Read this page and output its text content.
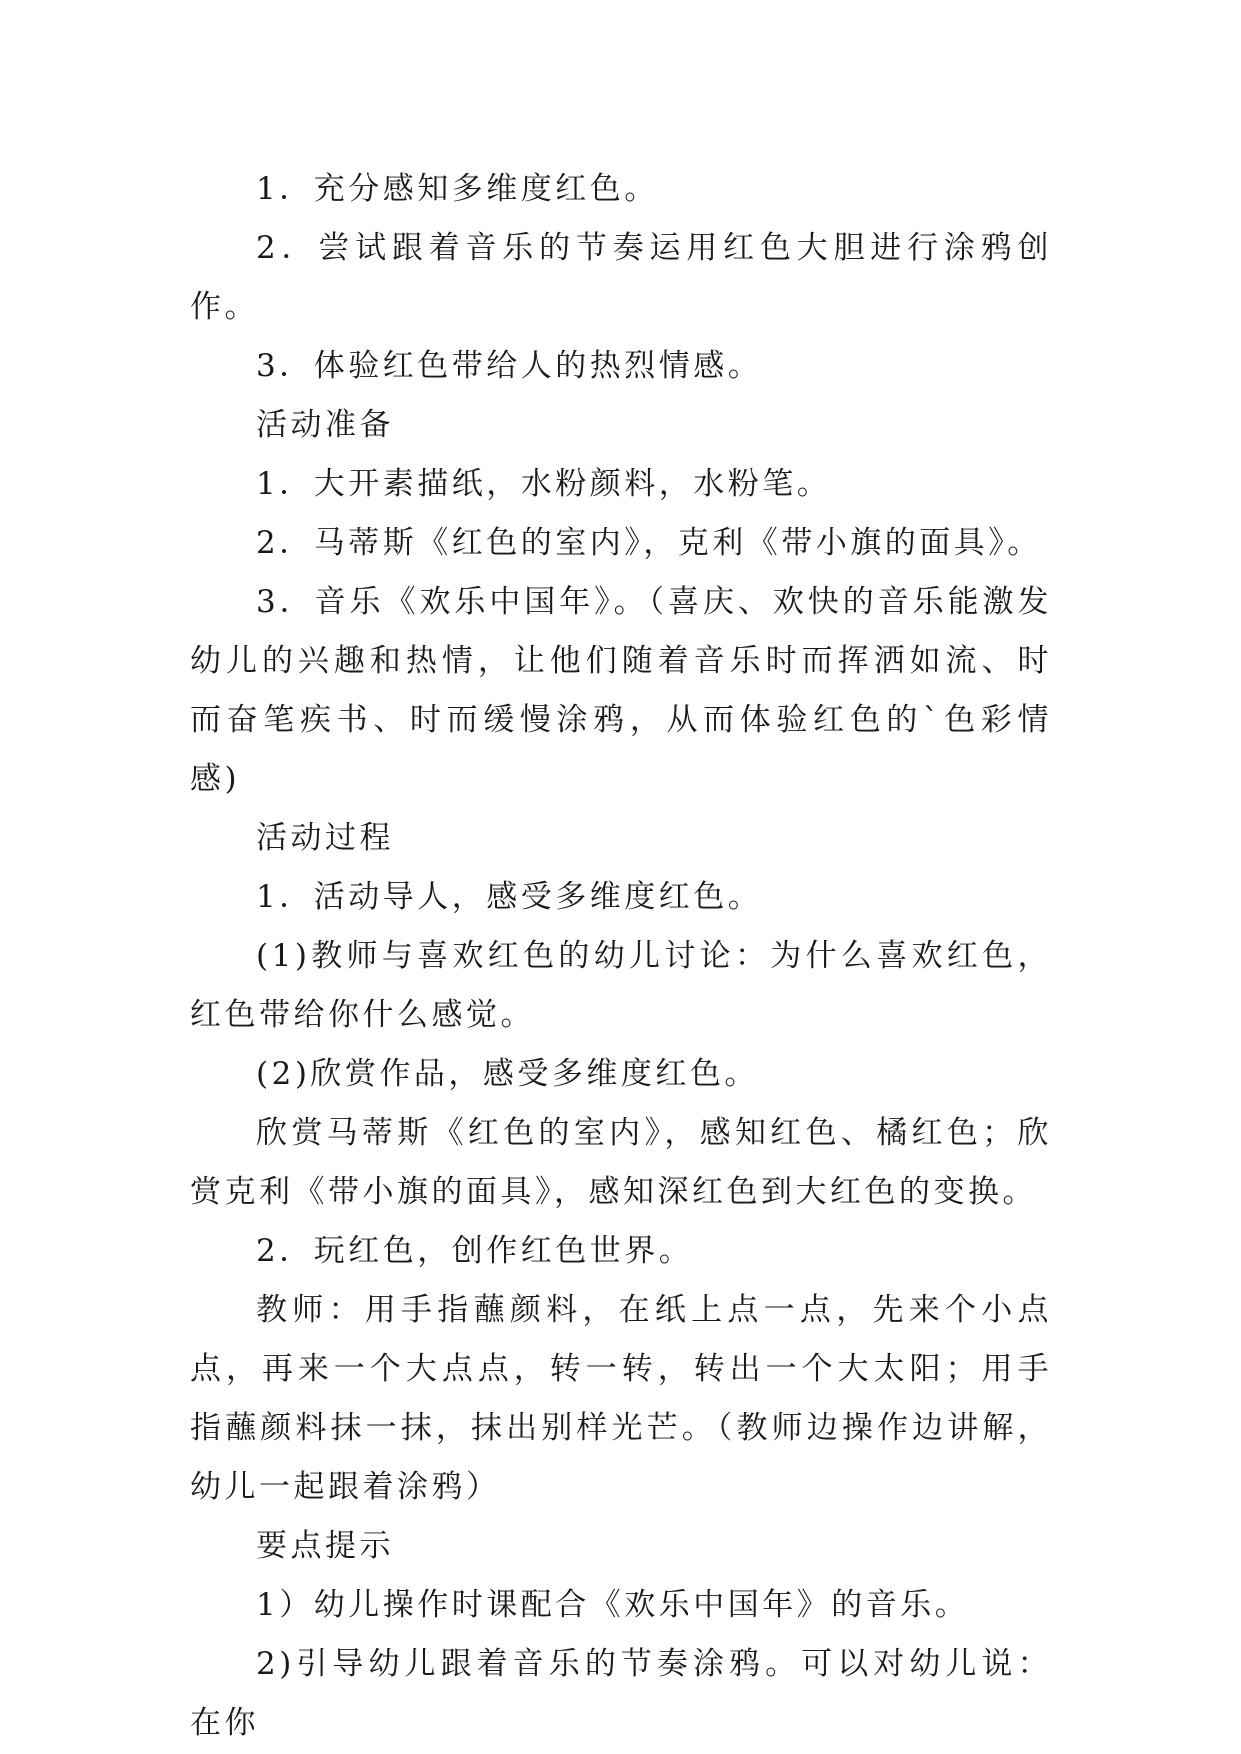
1．充分感知多维度红色。

2．尝试跟着音乐的节奏运用红色大胆进行涂鸦创作。

3．体验红色带给人的热烈情感。

活动准备

1．大开素描纸，水粉颜料，水粉笔。

2．马蒂斯《红色的室内》，克利《带小旗的面具》。

3．音乐《欢乐中国年》。（喜庆、欢快的音乐能激发幼儿的兴趣和热情，让他们随着音乐时而挥洒如流、时而奋笔疾书、时而缓慢涂鸦，从而体验红色的`色彩情感)

活动过程

1．活动导人，感受多维度红色。

(1)教师与喜欢红色的幼儿讨论：为什么喜欢红色，红色带给你什么感觉。

(2)欣赏作品，感受多维度红色。

欣赏马蒂斯《红色的室内》，感知红色、橘红色；欣赏克利《带小旗的面具》，感知深红色到大红色的变换。

2．玩红色，创作红色世界。

教师：用手指蘸颜料，在纸上点一点，先来个小点点，再来一个大点点，转一转，转出一个大太阳；用手指蘸颜料抹一抹，抹出别样光芒。（教师边操作边讲解，幼儿一起跟着涂鸦）

要点提示

1）幼儿操作时课配合《欢乐中国年》的音乐。

2)引导幼儿跟着音乐的节奏涂鸦。可以对幼儿说：在你
